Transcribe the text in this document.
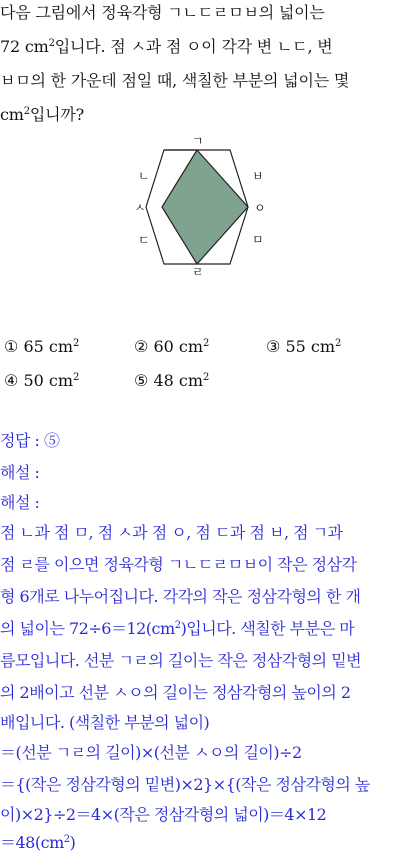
다음 그림에서 정육각형 ㄱㄴㄷㄹㅁㅂ의 넓이는
72 $cm^2$입니다. 점 ㅅ과 점 ㅇ이 각각 변 ㄴㄷ, 변
ㅂㅁ의 한 가운데 점일 때, 색칠한 부분의 넓이는 몇
$cm^2$입니까?
ㄱ
ㄴ
ㅅ
ㄷ
ㄹ
ㅂ
ㅇ
ㅁ
① 65 $cm^2$	② 60 $cm^2$	③ 55 $cm^2$
④ 50 $cm^2$	⑤ 48 $cm^2$
정답 : ⑤
해설 :
해설 :
점 ㄴ과 점 ㅁ, 점 ㅅ과 점 ㅇ, 점 ㄷ과 점 ㅂ, 점 ㄱ과
점 ㄹ를 이으면 정육각형 ㄱㄴㄷㄹㅁㅂ이 작은 정삼각
형 6개로 나누어집니다. 각각의 작은 정삼각형의 한 개
의 넓이는 $72\div 6=12(cm^2)$입니다. 색칠한 부분은 마
름모입니다. 선분 ㄱㄹ의 길이는 작은 정삼각형의 밑변
의 2배이고 선분 ㅅㅇ의 길이는 정삼각형의 높이의 2
배입니다. (색칠한 부분의 넓이)
＝(선분 ㄱㄹ의 길이)×(선분 ㅅㅇ의 길이)÷2
＝{(작은 정삼각형의 밑변)×2}×{(작은 정삼각형의 높
이)×2}÷2＝4×(작은 정삼각형의 넓이)＝4×12
$=48(cm^2)$
